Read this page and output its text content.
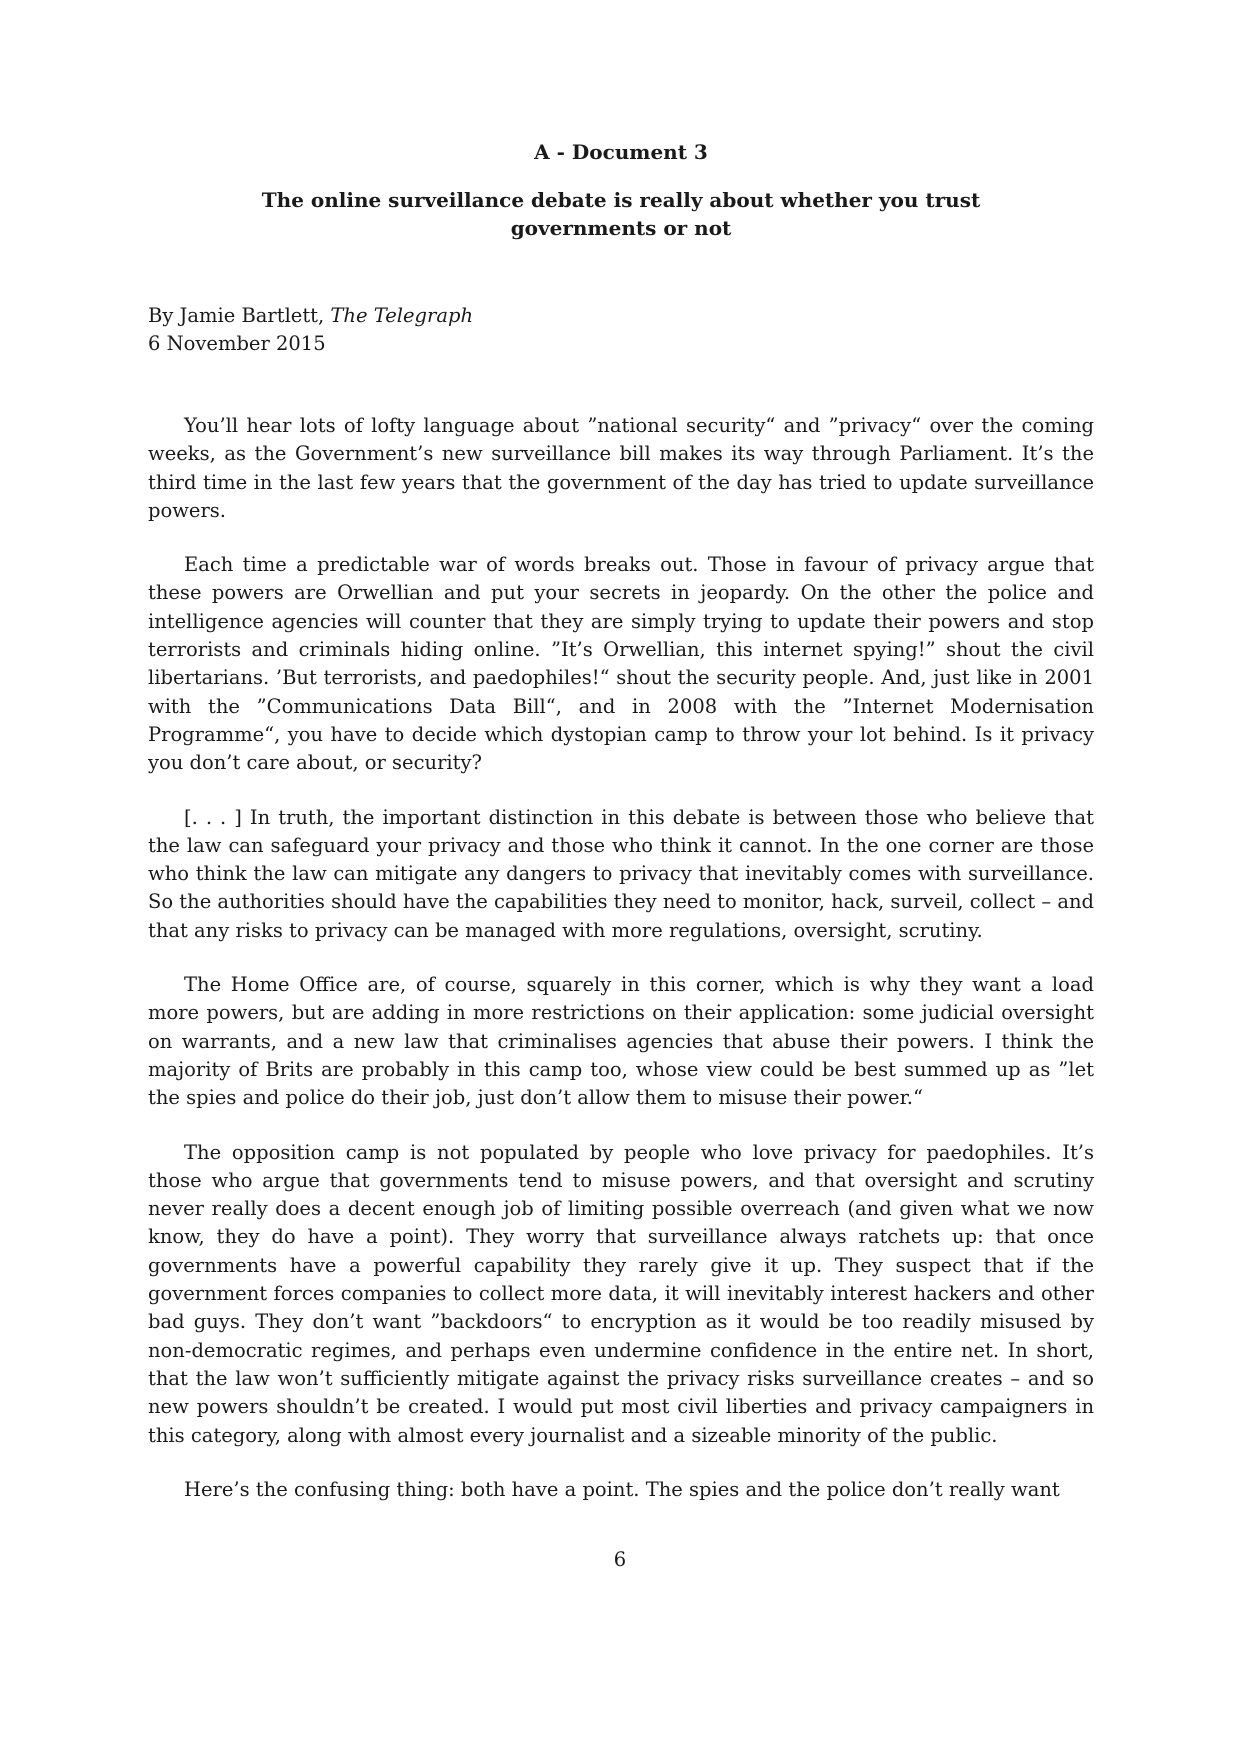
A - Document 3
The online surveillance debate is really about whether you trust governments or not
By Jamie Bartlett, The Telegraph
6 November 2015

You’ll hear lots of lofty language about ”national security“ and ”privacy“ over the coming weeks, as the Government’s new surveillance bill makes its way through Parliament. It’s the third time in the last few years that the government of the day has tried to update surveillance powers.

Each time a predictable war of words breaks out. Those in favour of privacy argue that these powers are Orwellian and put your secrets in jeopardy. On the other the police and intelligence agencies will counter that they are simply trying to update their powers and stop terrorists and criminals hiding online. ”It’s Orwellian, this internet spying!” shout the civil libertarians. ’But terrorists, and paedophiles!“ shout the security people. And, just like in 2001 with the ”Communications Data Bill“, and in 2008 with the ”Internet Modernisation Programme“, you have to decide which dystopian camp to throw your lot behind. Is it privacy you don’t care about, or security?

[. . . ] In truth, the important distinction in this debate is between those who believe that the law can safeguard your privacy and those who think it cannot. In the one corner are those who think the law can mitigate any dangers to privacy that inevitably comes with surveillance. So the authorities should have the capabilities they need to monitor, hack, surveil, collect – and that any risks to privacy can be managed with more regulations, oversight, scrutiny.

The Home Office are, of course, squarely in this corner, which is why they want a load more powers, but are adding in more restrictions on their application: some judicial oversight on warrants, and a new law that criminalises agencies that abuse their powers. I think the majority of Brits are probably in this camp too, whose view could be best summed up as ”let the spies and police do their job, just don’t allow them to misuse their power.“

The opposition camp is not populated by people who love privacy for paedophiles. It’s those who argue that governments tend to misuse powers, and that oversight and scrutiny never really does a decent enough job of limiting possible overreach (and given what we now know, they do have a point). They worry that surveillance always ratchets up: that once governments have a powerful capability they rarely give it up. They suspect that if the government forces companies to collect more data, it will inevitably interest hackers and other bad guys. They don’t want ”backdoors“ to encryption as it would be too readily misused by non-democratic regimes, and perhaps even undermine confidence in the entire net. In short, that the law won’t sufficiently mitigate against the privacy risks surveillance creates – and so new powers shouldn’t be created. I would put most civil liberties and privacy campaigners in this category, along with almost every journalist and a sizeable minority of the public.

Here’s the confusing thing: both have a point. The spies and the police don’t really want

6
